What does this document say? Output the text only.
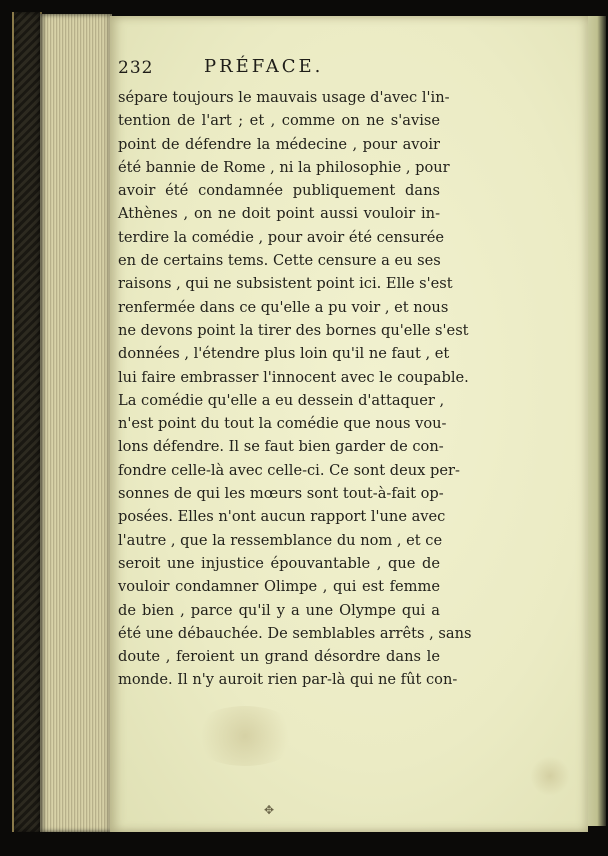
232	PRÉFACE.
sépare toujours le mauvais usage d'avec l'in-
tention de l'art ; et , comme on ne s'avise
point de défendre la médecine , pour avoir
été bannie de Rome , ni la philosophie , pour
avoir été condamnée publiquement dans
Athènes , on ne doit point aussi vouloir in-
terdire la comédie , pour avoir été censurée
en de certains tems. Cette censure a eu ses
raisons , qui ne subsistent point ici. Elle s'est
renfermée dans ce qu'elle a pu voir , et nous
ne devons point la tirer des bornes qu'elle s'est
données , l'étendre plus loin qu'il ne faut , et
lui faire embrasser l'innocent avec le coupable.
La comédie qu'elle a eu dessein d'attaquer ,
n'est point du tout la comédie que nous vou-
lons défendre. Il se faut bien garder de con-
fondre celle-là avec celle-ci. Ce sont deux per-
sonnes de qui les mœurs sont tout-à-fait op-
posées. Elles n'ont aucun rapport l'une avec
l'autre , que la ressemblance du nom , et ce
seroit une injustice épouvantable , que de
vouloir condamner Olimpe , qui est femme
de bien , parce qu'il y a une Olympe qui a
été une débauchée. De semblables arrêts , sans
doute , feroient un grand désordre dans le
monde. Il n'y auroit rien par-là qui ne fût con-
✥
